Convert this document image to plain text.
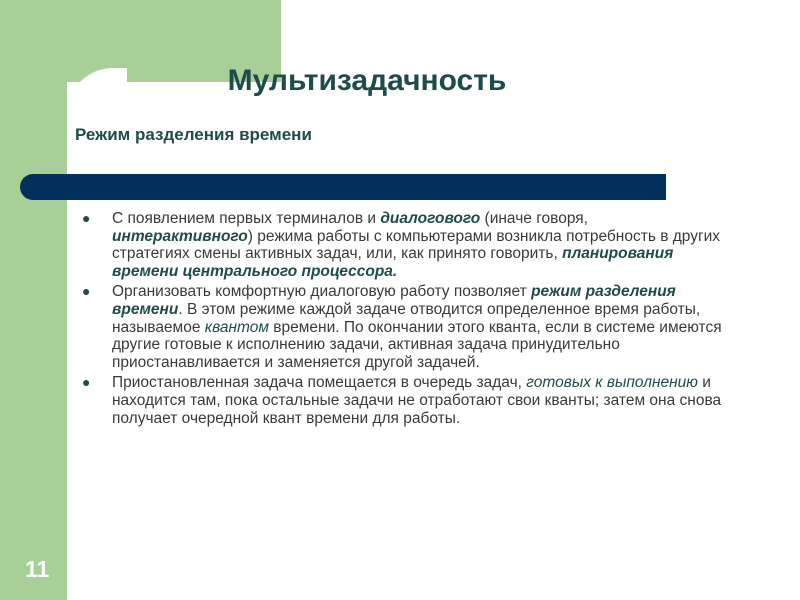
Мультизадачность
Режим разделения времени
● С появлением первых терминалов и диалогового (иначе говоря, интерактивного) режима работы с компьютерами возникла потребность в других стратегиях смены активных задач, или, как принято говорить, планирования времени центрального процессора.
● Организовать комфортную диалоговую работу позволяет режим разделения времени. В этом режиме каждой задаче отводится определенное время работы, называемое квантом времени. По окончании этого кванта, если в системе имеются другие готовые к исполнению задачи, активная задача принудительно приостанавливается и заменяется другой задачей.
● Приостановленная задача помещается в очередь задач, готовых к выполнению и находится там, пока остальные задачи не отработают свои кванты; затем она снова получает очередной квант времени для работы.
11
